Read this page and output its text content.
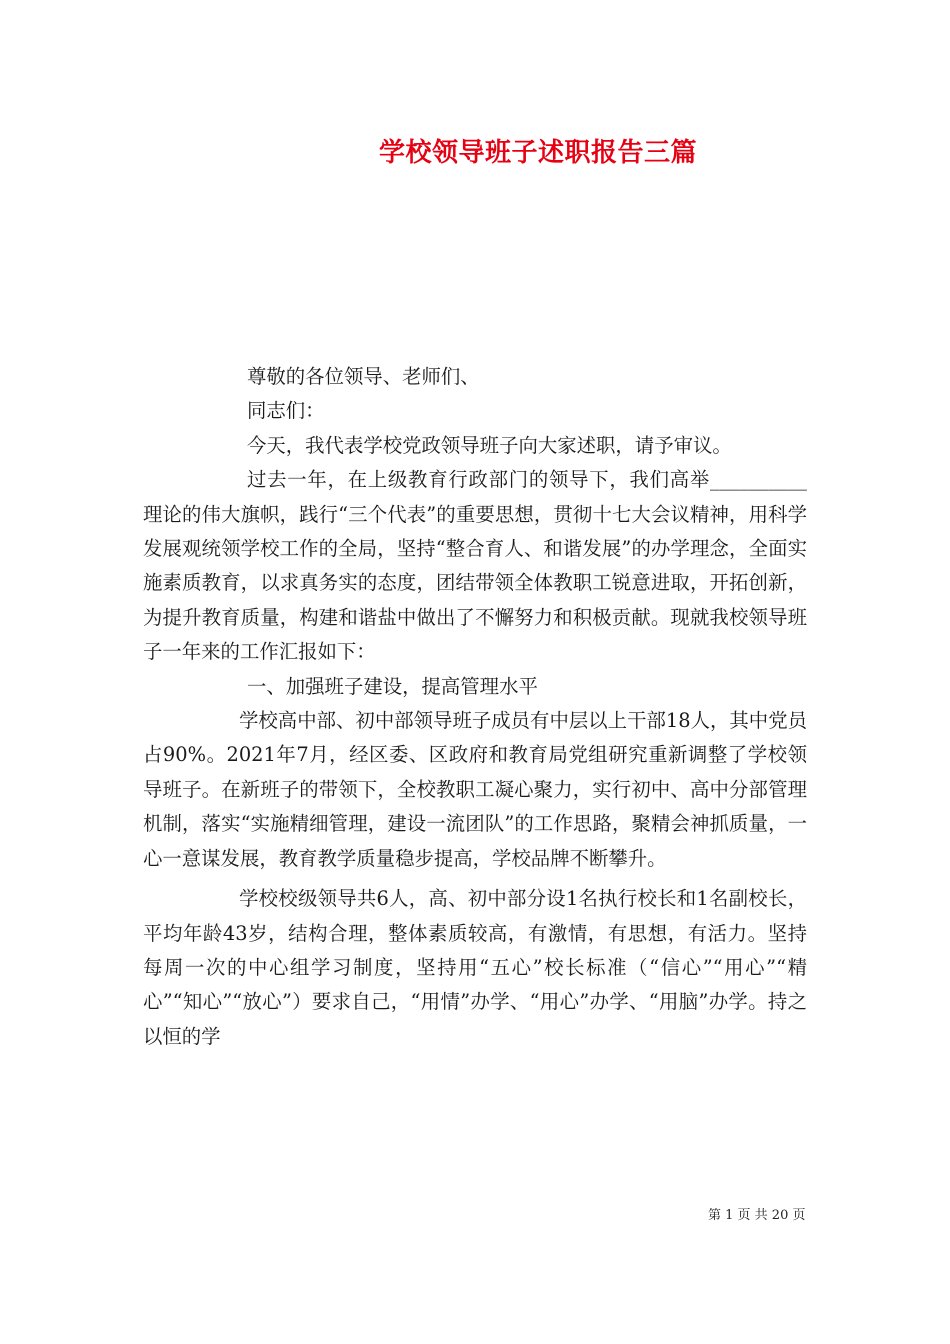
学校领导班子述职报告三篇

尊敬的各位领导、老师们、

同志们：

今天，我代表学校党政领导班子向大家述职，请予审议。

过去一年，在上级教育行政部门的领导下，我们高举__________理论的伟大旗帜，践行“三个代表”的重要思想，贯彻十七大会议精神，用科学发展观统领学校工作的全局，坚持“整合育人、和谐发展”的办学理念，全面实施素质教育，以求真务实的态度，团结带领全体教职工锐意进取，开拓创新，为提升教育质量，构建和谐盐中做出了不懈努力和积极贡献。现就我校领导班子一年来的工作汇报如下：

一、加强班子建设，提高管理水平

学校高中部、初中部领导班子成员有中层以上干部18人，其中党员占90%。2021年7月，经区委、区政府和教育局党组研究重新调整了学校领导班子。在新班子的带领下，全校教职工凝心聚力，实行初中、高中分部管理机制，落实“实施精细管理，建设一流团队”的工作思路，聚精会神抓质量，一心一意谋发展，教育教学质量稳步提高，学校品牌不断攀升。

学校校级领导共6人，高、初中部分设1名执行校长和1名副校长，平均年龄43岁，结构合理，整体素质较高，有激情，有思想，有活力。坚持每周一次的中心组学习制度，坚持用“五心”校长标准（“信心”“用心”“精心”“知心”“放心”）要求自己，“用情”办学、“用心”办学、“用脑”办学。持之以恒的学

第 1 页 共 20 页
